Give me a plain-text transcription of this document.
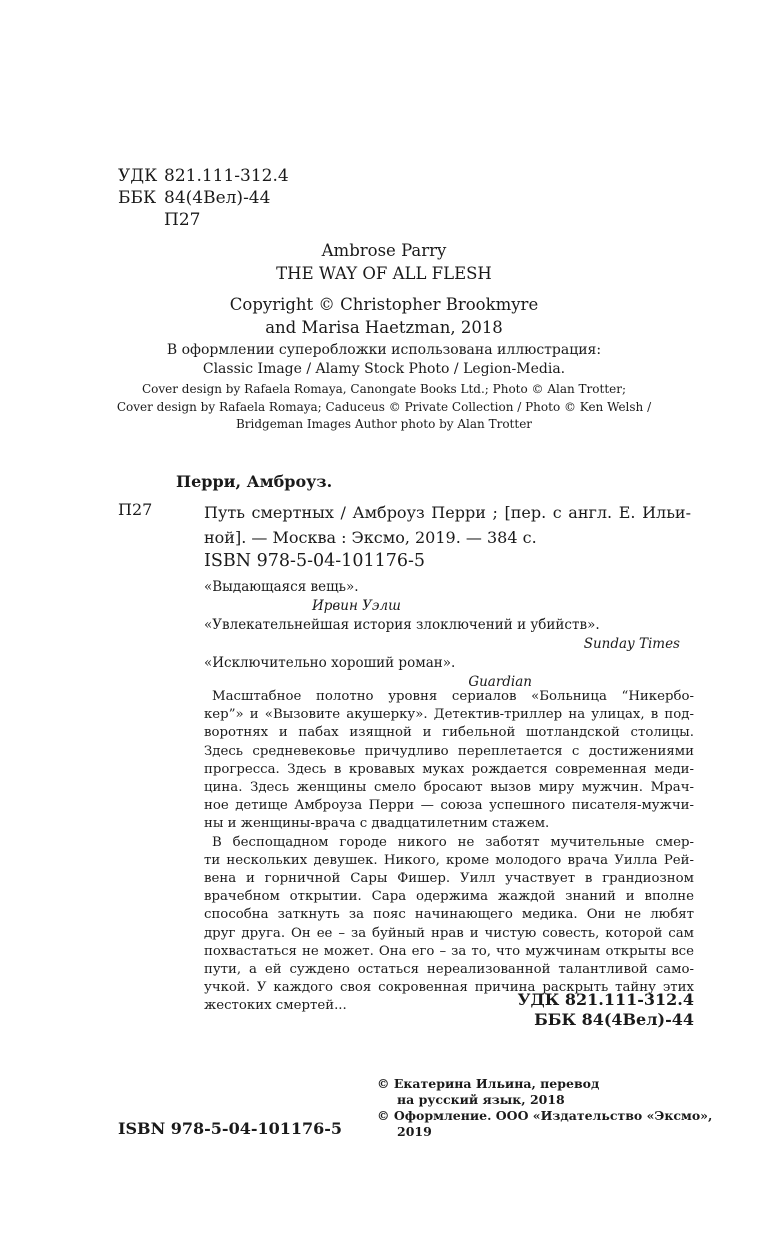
УДК 821.111-312.4
ББК 84(4Вел)-44
П27
Ambrose Parry
THE WAY OF ALL FLESH
Copyright © Christopher Brookmyre
and Marisa Haetzman, 2018
В оформлении суперобложки использована иллюстрация:
Classic Image / Alamy Stock Photo / Legion-Media.
Cover design by Rafaela Romaya, Canongate Books Ltd.; Photo © Alan Trotter;
Cover design by Rafaela Romaya; Caduceus © Private Collection / Photo © Ken Welsh /
Bridgeman Images Author photo by Alan Trotter
Перри, Амброуз.
П27	Путь смертных / Амброуз Перри ; [пер. с англ. Е. Ильи-
ной]. — Москва : Эксмо, 2019. — 384 с.
ISBN 978-5-04-101176-5
«Выдающаяся вещь».
Ирвин Уэлш
«Увлекательнейшая история злоключений и убийств».
Sunday Times
«Исключительно хороший роман».
Guardian
Масштабное полотно уровня сериалов «Больница “Никербо-
кер”» и «Вызовите акушерку». Детектив-триллер на улицах, в под-
воротнях и пабах изящной и гибельной шотландской столицы.
Здесь средневековье причудливо переплетается с достижениями
прогресса. Здесь в кровавых муках рождается современная меди-
цина. Здесь женщины смело бросают вызов миру мужчин. Мрач-
ное детище Амброуза Перри — союза успешного писателя-мужчи-
ны и женщины-врача с двадцатилетним стажем.
В беспощадном городе никого не заботят мучительные смер-
ти нескольких девушек. Никого, кроме молодого врача Уилла Рей-
вена и горничной Сары Фишер. Уилл участвует в грандиозном
врачебном открытии. Сара одержима жаждой знаний и вполне
способна заткнуть за пояс начинающего медика. Они не любят
друг друга. Он ее – за буйный нрав и чистую совесть, которой сам
похвастаться не может. Она его – за то, что мужчинам открыты все
пути, а ей суждено остаться нереализованной талантливой само-
учкой. У каждого своя сокровенная причина раскрыть тайну этих
жестоких смертей...	УДК 821.111-312.4
ББК 84(4Вел)-44
© Екатерина Ильина, перевод
на русский язык, 2018
© Оформление. ООО «Издательство «Эксмо»,
2019
ISBN 978-5-04-101176-5
